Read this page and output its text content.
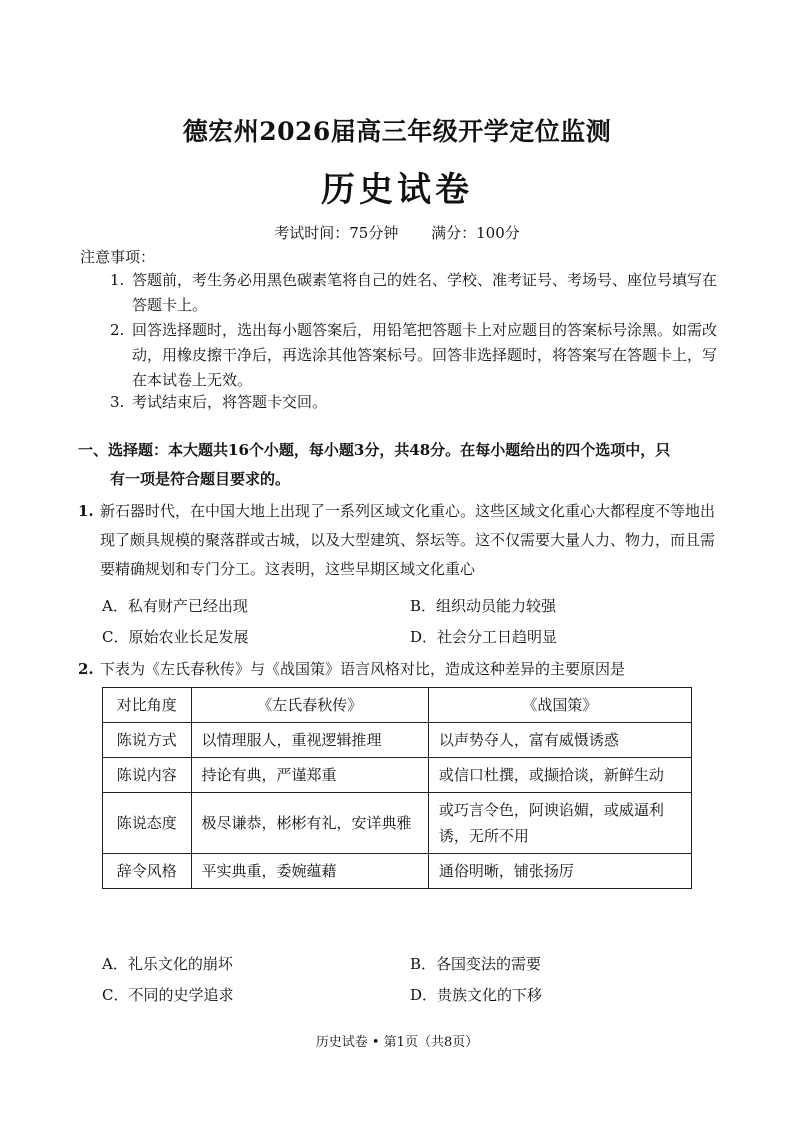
德宏州2026届高三年级开学定位监测
历史试卷
考试时间：75分钟 满分：100分
注意事项：
1. 答题前，考生务必用黑色碳素笔将自己的姓名、学校、准考证号、考场号、座位号填写在答题卡上。
2. 回答选择题时，选出每小题答案后，用铅笔把答题卡上对应题目的答案标号涂黑。如需改动，用橡皮擦干净后，再选涂其他答案标号。回答非选择题时，将答案写在答题卡上，写在本试卷上无效。
3. 考试结束后，将答题卡交回。
一、选择题：本大题共16个小题，每小题3分，共48分。在每小题给出的四个选项中，只
有一项是符合题目要求的。
1. 新石器时代，在中国大地上出现了一系列区域文化重心。这些区域文化重心大都程度不等地出现了颇具规模的聚落群或古城，以及大型建筑、祭坛等。这不仅需要大量人力、物力，而且需要精确规划和专门分工。这表明，这些早期区域文化重心
A．私有财产已经出现	B．组织动员能力较强
C．原始农业长足发展	D．社会分工日趋明显
2. 下表为《左氏春秋传》与《战国策》语言风格对比，造成这种差异的主要原因是
对比角度	《左氏春秋传》	《战国策》
陈说方式	以情理服人，重视逻辑推理	以声势夺人，富有威慑诱惑
陈说内容	持论有典，严谨郑重	或信口杜撰，或撷拾谈，新鲜生动
陈说态度	极尽谦恭，彬彬有礼，安详典雅	或巧言令色，阿谀谄媚，或威逼利诱，无所不用
辞令风格	平实典重，委婉蕴藉	通俗明晰，铺张扬厉
A．礼乐文化的崩坏	B．各国变法的需要
C．不同的史学追求	D．贵族文化的下移
历史试卷 • 第1页（共8页）
